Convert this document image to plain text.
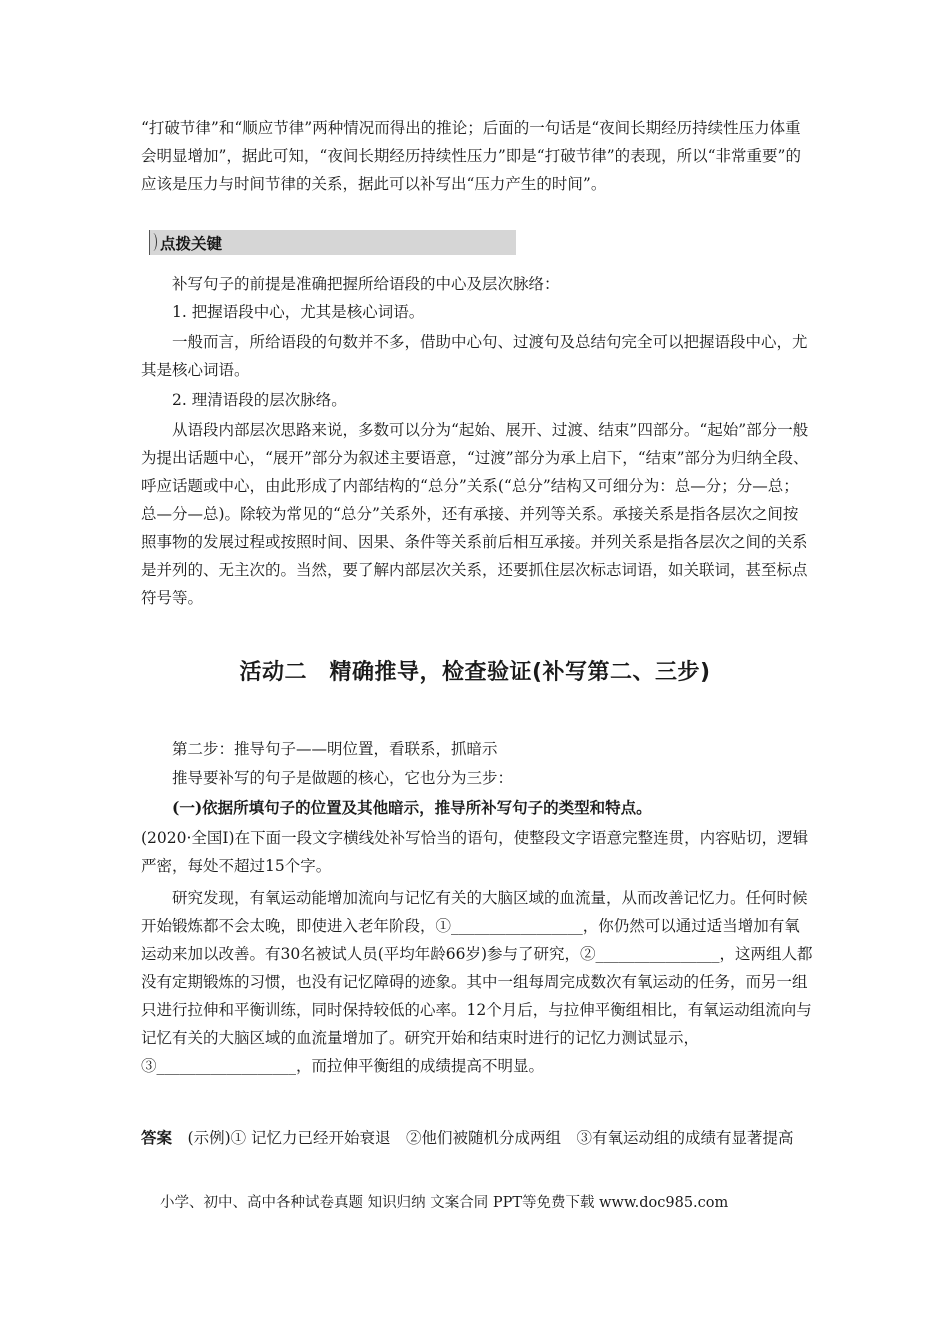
“打破节律”和“顺应节律”两种情况而得出的推论；后面的一句话是“夜间长期经历持续性压力体重会明显增加”，据此可知，“夜间长期经历持续性压力”即是“打破节律”的表现，所以“非常重要”的应该是压力与时间节律的关系，据此可以补写出“压力产生的时间”。

点拨关键

补写句子的前提是准确把握所给语段的中心及层次脉络：

1. 把握语段中心，尤其是核心词语。

一般而言，所给语段的句数并不多，借助中心句、过渡句及总结句完全可以把握语段中心，尤其是核心词语。

2. 理清语段的层次脉络。

从语段内部层次思路来说，多数可以分为“起始、展开、过渡、结束”四部分。“起始”部分一般为提出话题中心，“展开”部分为叙述主要语意，“过渡”部分为承上启下，“结束”部分为归纳全段、呼应话题或中心，由此形成了内部结构的“总分”关系(“总分”结构又可细分为：总—分；分—总；总—分—总)。除较为常见的“总分”关系外，还有承接、并列等关系。承接关系是指各层次之间按照事物的发展过程或按照时间、因果、条件等关系前后相互承接。并列关系是指各层次之间的关系是并列的、无主次的。当然，要了解内部层次关系，还要抓住层次标志词语，如关联词，甚至标点符号等。

活动二　精确推导，检查验证(补写第二、三步)

第二步：推导句子——明位置，看联系，抓暗示

推导要补写的句子是做题的核心，它也分为三步：

(一)依据所填句子的位置及其他暗示，推导所补写句子的类型和特点。

(2020·全国Ⅰ)在下面一段文字横线处补写恰当的语句，使整段文字语意完整连贯，内容贴切，逻辑严密，每处不超过15个字。

研究发现，有氧运动能增加流向与记忆有关的大脑区域的血流量，从而改善记忆力。任何时候开始锻炼都不会太晚，即使进入老年阶段，①_________________，你仍然可以通过适当增加有氧运动来加以改善。有30名被试人员(平均年龄66岁)参与了研究，②________________，这两组人都没有定期锻炼的习惯，也没有记忆障碍的迹象。其中一组每周完成数次有氧运动的任务，而另一组只进行拉伸和平衡训练，同时保持较低的心率。12个月后，与拉伸平衡组相比，有氧运动组流向与记忆有关的大脑区域的血流量增加了。研究开始和结束时进行的记忆力测试显示，③__________________，而拉伸平衡组的成绩提高不明显。

答案　 (示例)① 记忆力已经开始衰退　②他们被随机分成两组　③有氧运动组的成绩有显著提高

小学、初中、高中各种试卷真题 知识归纳 文案合同 PPT等免费下载 www.doc985.com
